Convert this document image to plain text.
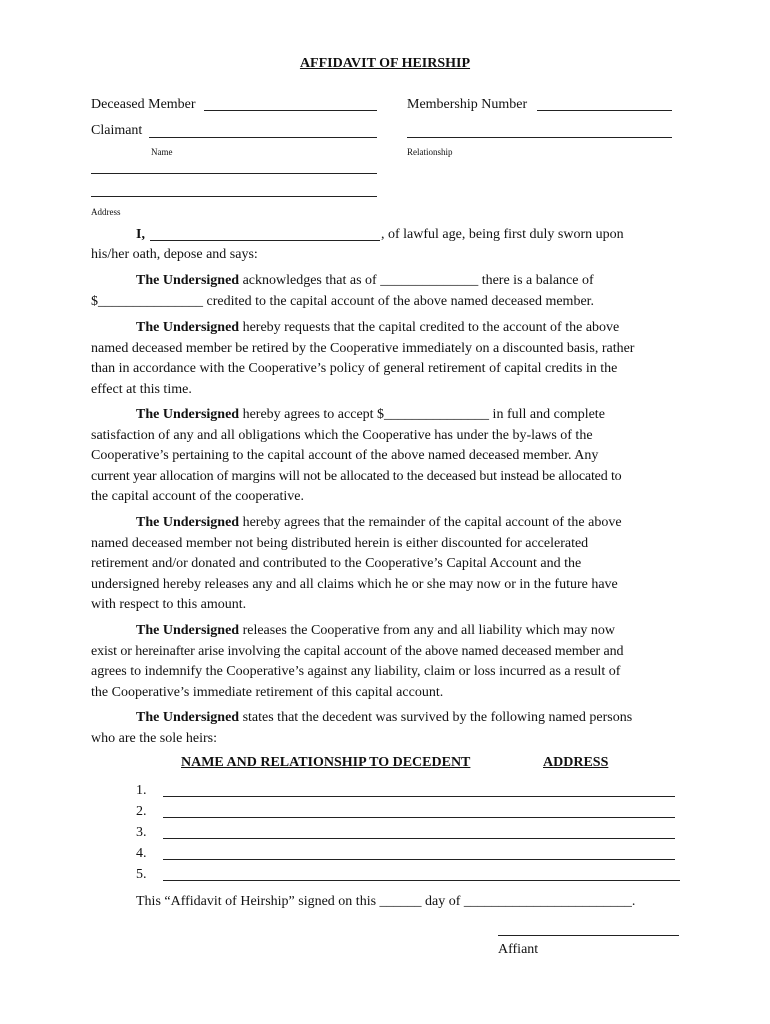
AFFIDAVIT OF HEIRSHIP
Deceased Member	Membership Number
Claimant
Name	Relationship
Address
I,	, of lawful age, being first duly sworn upon
his/her oath, depose and says:
The Undersigned acknowledges that as of ______________ there is a balance of
$_______________ credited to the capital account of the above named deceased member.
The Undersigned hereby requests that the capital credited to the account of the above
named deceased member be retired by the Cooperative immediately on a discounted basis, rather
than in accordance with the Cooperative’s policy of general retirement of capital credits in the
effect at this time.
The Undersigned hereby agrees to accept $_______________ in full and complete
satisfaction of any and all obligations which the Cooperative has under the by-laws of the
Cooperative’s pertaining to the capital account of the above named deceased member. Any
current year allocation of margins will not be allocated to the deceased but instead be allocated to
the capital account of the cooperative.
The Undersigned hereby agrees that the remainder of the capital account of the above
named deceased member not being distributed herein is either discounted for accelerated
retirement and/or donated and contributed to the Cooperative’s Capital Account and the
undersigned hereby releases any and all claims which he or she may now or in the future have
with respect to this amount.
The Undersigned releases the Cooperative from any and all liability which may now
exist or hereinafter arise involving the capital account of the above named deceased member and
agrees to indemnify the Cooperative’s against any liability, claim or loss incurred as a result of
the Cooperative’s immediate retirement of this capital account.
The Undersigned states that the decedent was survived by the following named persons
who are the sole heirs:
NAME AND RELATIONSHIP TO DECEDENT	ADDRESS
1.
2.
3.
4.
5.
This “Affidavit of Heirship” signed on this ______ day of ________________________.
Affiant
